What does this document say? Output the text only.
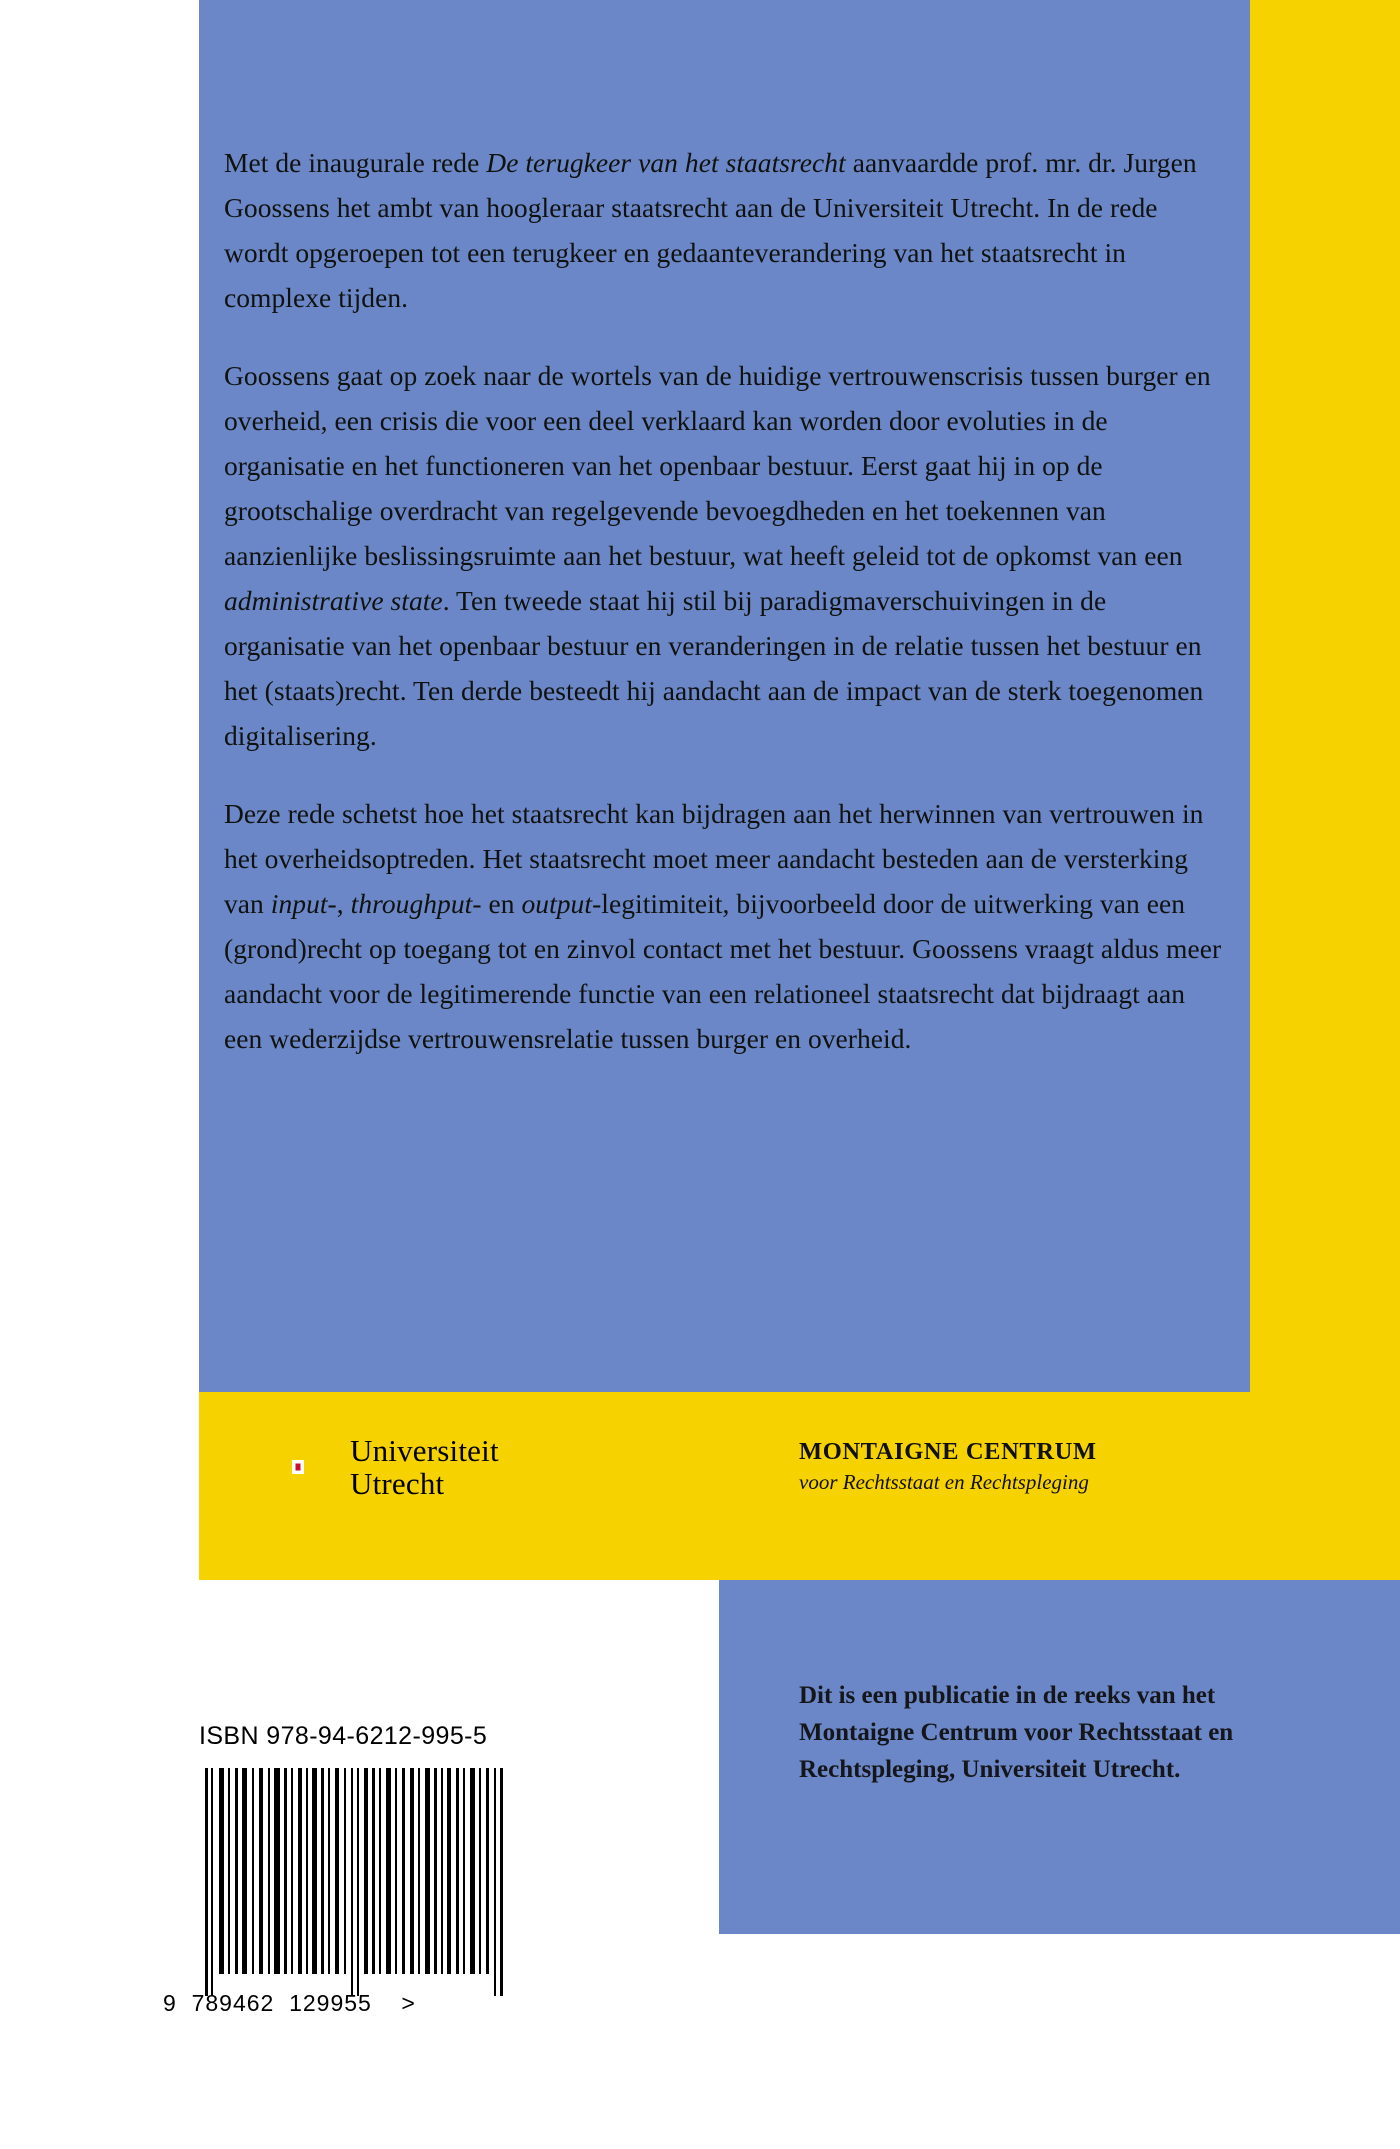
Met de inaugurale rede De terugkeer van het staatsrecht aanvaardde prof. mr. dr. Jurgen Goossens het ambt van hoogleraar staatsrecht aan de Universiteit Utrecht. In de rede wordt opgeroepen tot een terugkeer en gedaanteverandering van het staatsrecht in complexe tijden.

Goossens gaat op zoek naar de wortels van de huidige vertrouwenscrisis tussen burger en overheid, een crisis die voor een deel verklaard kan worden door evoluties in de organisatie en het functioneren van het openbaar bestuur. Eerst gaat hij in op de grootschalige overdracht van regelgevende bevoegdheden en het toekennen van aanzienlijke beslissingsruimte aan het bestuur, wat heeft geleid tot de opkomst van een administrative state. Ten tweede staat hij stil bij paradigmaverschuivingen in de organisatie van het openbaar bestuur en veranderingen in de relatie tussen het bestuur en het (staats)recht. Ten derde besteedt hij aandacht aan de impact van de sterk toegenomen digitalisering.

Deze rede schetst hoe het staatsrecht kan bijdragen aan het herwinnen van vertrouwen in het overheidsoptreden. Het staatsrecht moet meer aandacht besteden aan de versterking van input-, throughput- en output-legitimiteit, bijvoorbeeld door de uitwerking van een (grond)recht op toegang tot en zinvol contact met het bestuur. Goossens vraagt aldus meer aandacht voor de legitimerende functie van een relationeel staatsrecht dat bijdraagt aan een wederzijdse vertrouwensrelatie tussen burger en overheid.

Universiteit
Utrecht
MONTAIGNE CENTRUM
voor Rechtsstaat en Rechtspleging
Dit is een publicatie in de reeks van het Montaigne Centrum voor Rechtsstaat en Rechtspleging, Universiteit Utrecht.
ISBN 978-94-6212-995-5
9  789462  129955    >
